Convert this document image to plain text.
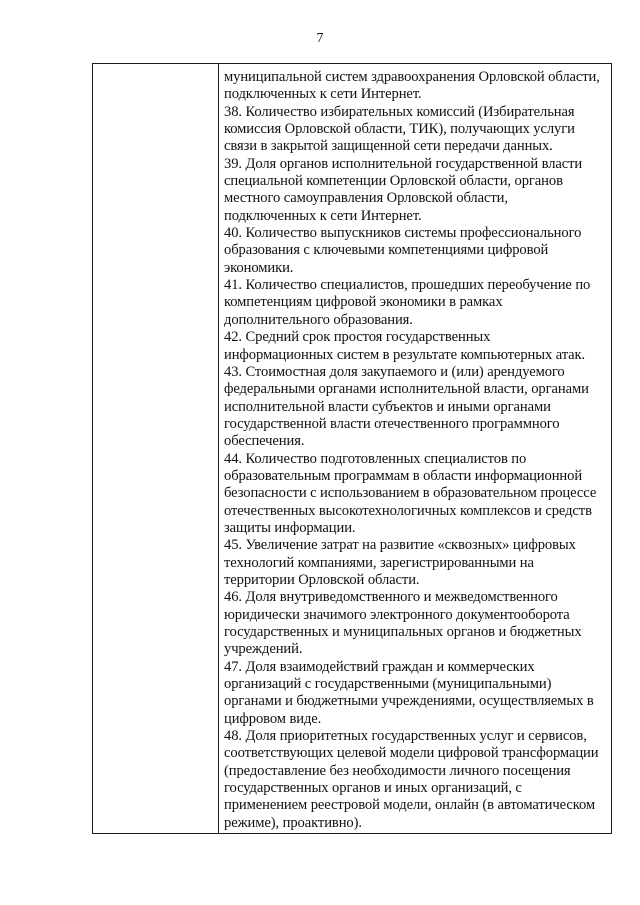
7
муниципальной систем здравоохранения Орловской области,
подключенных к сети Интернет.
38. Количество избирательных комиссий (Избирательная
комиссия Орловской области, ТИК), получающих услуги
связи в закрытой защищенной сети передачи данных.
39. Доля органов исполнительной государственной власти
специальной компетенции Орловской области, органов
местного самоуправления Орловской области,
подключенных к сети Интернет.
40. Количество выпускников системы профессионального
образования с ключевыми компетенциями цифровой
экономики.
41. Количество специалистов, прошедших переобучение по
компетенциям цифровой экономики в рамках
дополнительного образования.
42. Средний срок простоя государственных
информационных систем в результате компьютерных атак.
43. Стоимостная доля закупаемого и (или) арендуемого
федеральными органами исполнительной власти, органами
исполнительной власти субъектов и иными органами
государственной власти отечественного программного
обеспечения.
44. Количество подготовленных специалистов по
образовательным программам в области информационной
безопасности с использованием в образовательном процессе
отечественных высокотехнологичных комплексов и средств
защиты информации.
45. Увеличение затрат на развитие «сквозных» цифровых
технологий компаниями, зарегистрированными на
территории Орловской области.
46. Доля внутриведомственного и межведомственного
юридически значимого электронного документооборота
государственных и муниципальных органов и бюджетных
учреждений.
47. Доля взаимодействий граждан и коммерческих
организаций с государственными (муниципальными)
органами и бюджетными учреждениями, осуществляемых в
цифровом виде.
48. Доля приоритетных государственных услуг и сервисов,
соответствующих целевой модели цифровой трансформации
(предоставление без необходимости личного посещения
государственных органов и иных организаций, с
применением реестровой модели, онлайн (в автоматическом
режиме), проактивно).
